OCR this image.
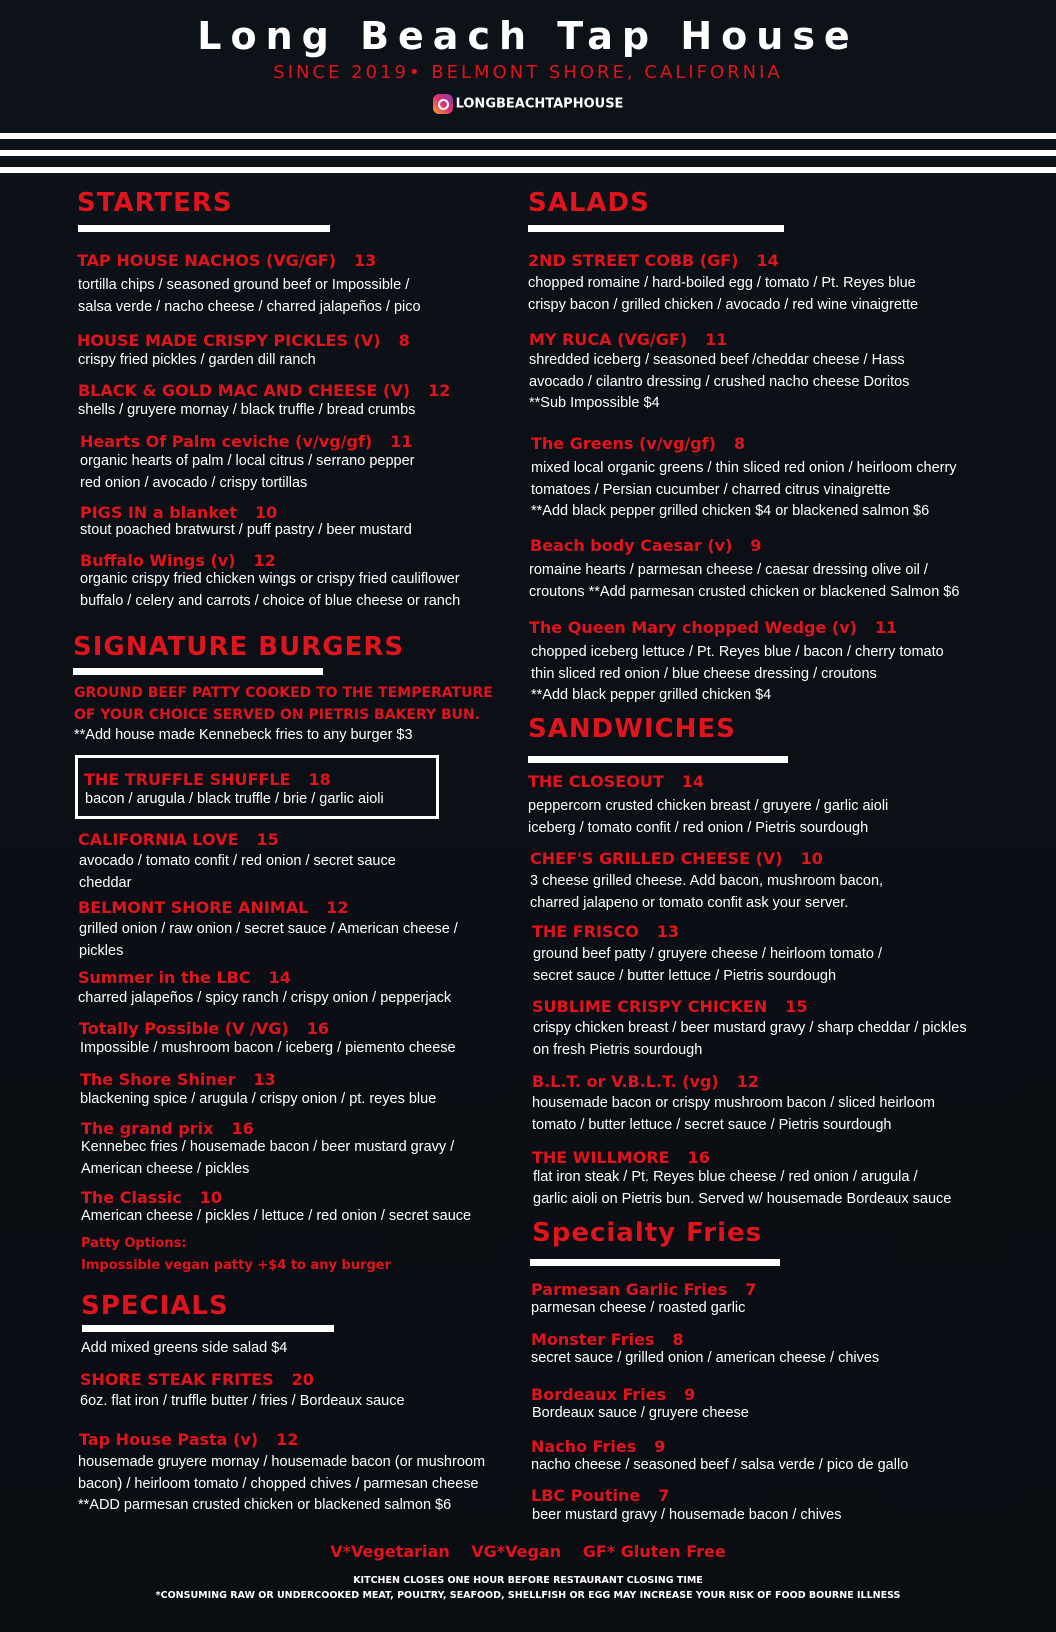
Long Beach Tap House
SINCE 2019• BELMONT SHORE, CALIFORNIA
LONGBEACHTAPHOUSE
STARTERS
TAP HOUSE NACHOS (VG/GF) 13
tortilla chips / seasoned ground beef or Impossible /
salsa verde / nacho cheese / charred jalapeños / pico
HOUSE MADE CRISPY PICKLES (V) 8
crispy fried pickles / garden dill ranch
BLACK & GOLD MAC AND CHEESE (V) 12
shells / gruyere mornay / black truffle / bread crumbs
Hearts Of Palm ceviche (v/vg/gf) 11
organic hearts of palm / local citrus / serrano pepper
red onion / avocado / crispy tortillas
PIGS IN a blanket 10
stout poached bratwurst / puff pastry / beer mustard
Buffalo Wings (v) 12
organic crispy fried chicken wings or crispy fried cauliflower
buffalo / celery and carrots / choice of blue cheese or ranch
SIGNATURE BURGERS
GROUND BEEF PATTY COOKED TO THE TEMPERATURE
OF YOUR CHOICE SERVED ON PIETRIS BAKERY BUN.
**Add house made Kennebeck fries to any burger $3
THE TRUFFLE SHUFFLE 18
bacon / arugula / black truffle / brie / garlic aioli
CALIFORNIA LOVE 15
avocado / tomato confit / red onion / secret sauce
cheddar
BELMONT SHORE ANIMAL 12
grilled onion / raw onion / secret sauce / American cheese /
pickles
Summer in the LBC 14
charred jalapeños / spicy ranch / crispy onion / pepperjack
Totally Possible (V /VG) 16
Impossible / mushroom bacon / iceberg / piemento cheese
The Shore Shiner 13
blackening spice / arugula / crispy onion / pt. reyes blue
The grand prix 16
Kennebec fries / housemade bacon / beer mustard gravy /
American cheese / pickles
The Classic 10
American cheese / pickles / lettuce / red onion / secret sauce
Patty Options:
Impossible vegan patty +$4 to any burger
SPECIALS
Add mixed greens side salad $4
SHORE STEAK FRITES 20
6oz. flat iron / truffle butter / fries / Bordeaux sauce
Tap House Pasta (v) 12
housemade gruyere mornay / housemade bacon (or mushroom
bacon) / heirloom tomato / chopped chives / parmesan cheese
**ADD parmesan crusted chicken or blackened salmon $6
SALADS
2ND STREET COBB (GF) 14
chopped romaine / hard-boiled egg / tomato / Pt. Reyes blue
crispy bacon / grilled chicken / avocado / red wine vinaigrette
MY RUCA (VG/GF) 11
shredded iceberg / seasoned beef /cheddar cheese / Hass
avocado / cilantro dressing / crushed nacho cheese Doritos
**Sub Impossible $4
The Greens (v/vg/gf) 8
mixed local organic greens / thin sliced red onion / heirloom cherry
tomatoes / Persian cucumber / charred citrus vinaigrette
**Add black pepper grilled chicken $4 or blackened salmon $6
Beach body Caesar (v) 9
romaine hearts / parmesan cheese / caesar dressing olive oil /
croutons **Add parmesan crusted chicken or blackened Salmon $6
The Queen Mary chopped Wedge (v) 11
chopped iceberg lettuce / Pt. Reyes blue / bacon / cherry tomato
thin sliced red onion / blue cheese dressing / croutons
**Add black pepper grilled chicken $4
SANDWICHES
THE CLOSEOUT 14
peppercorn crusted chicken breast / gruyere / garlic aioli
iceberg / tomato confit / red onion / Pietris sourdough
CHEF'S GRILLED CHEESE (V) 10
3 cheese grilled cheese. Add bacon, mushroom bacon,
charred jalapeno or tomato confit ask your server.
THE FRISCO 13
ground beef patty / gruyere cheese / heirloom tomato /
secret sauce / butter lettuce / Pietris sourdough
SUBLIME CRISPY CHICKEN 15
crispy chicken breast / beer mustard gravy / sharp cheddar / pickles
on fresh Pietris sourdough
B.L.T. or V.B.L.T. (vg) 12
housemade bacon or crispy mushroom bacon / sliced heirloom
tomato / butter lettuce / secret sauce / Pietris sourdough
THE WILLMORE 16
flat iron steak / Pt. Reyes blue cheese / red onion / arugula /
garlic aioli on Pietris bun. Served w/ housemade Bordeaux sauce
Specialty Fries
Parmesan Garlic Fries 7
parmesan cheese / roasted garlic
Monster Fries 8
secret sauce / grilled onion / american cheese / chives
Bordeaux Fries 9
Bordeaux sauce / gruyere cheese
Nacho Fries 9
nacho cheese / seasoned beef / salsa verde / pico de gallo
LBC Poutine 7
beer mustard gravy / housemade bacon / chives
V*Vegetarian VG*Vegan GF* Gluten Free
KITCHEN CLOSES ONE HOUR BEFORE RESTAURANT CLOSING TIME
*CONSUMING RAW OR UNDERCOOKED MEAT, POULTRY, SEAFOOD, SHELLFISH OR EGG MAY INCREASE YOUR RISK OF FOOD BOURNE ILLNESS
